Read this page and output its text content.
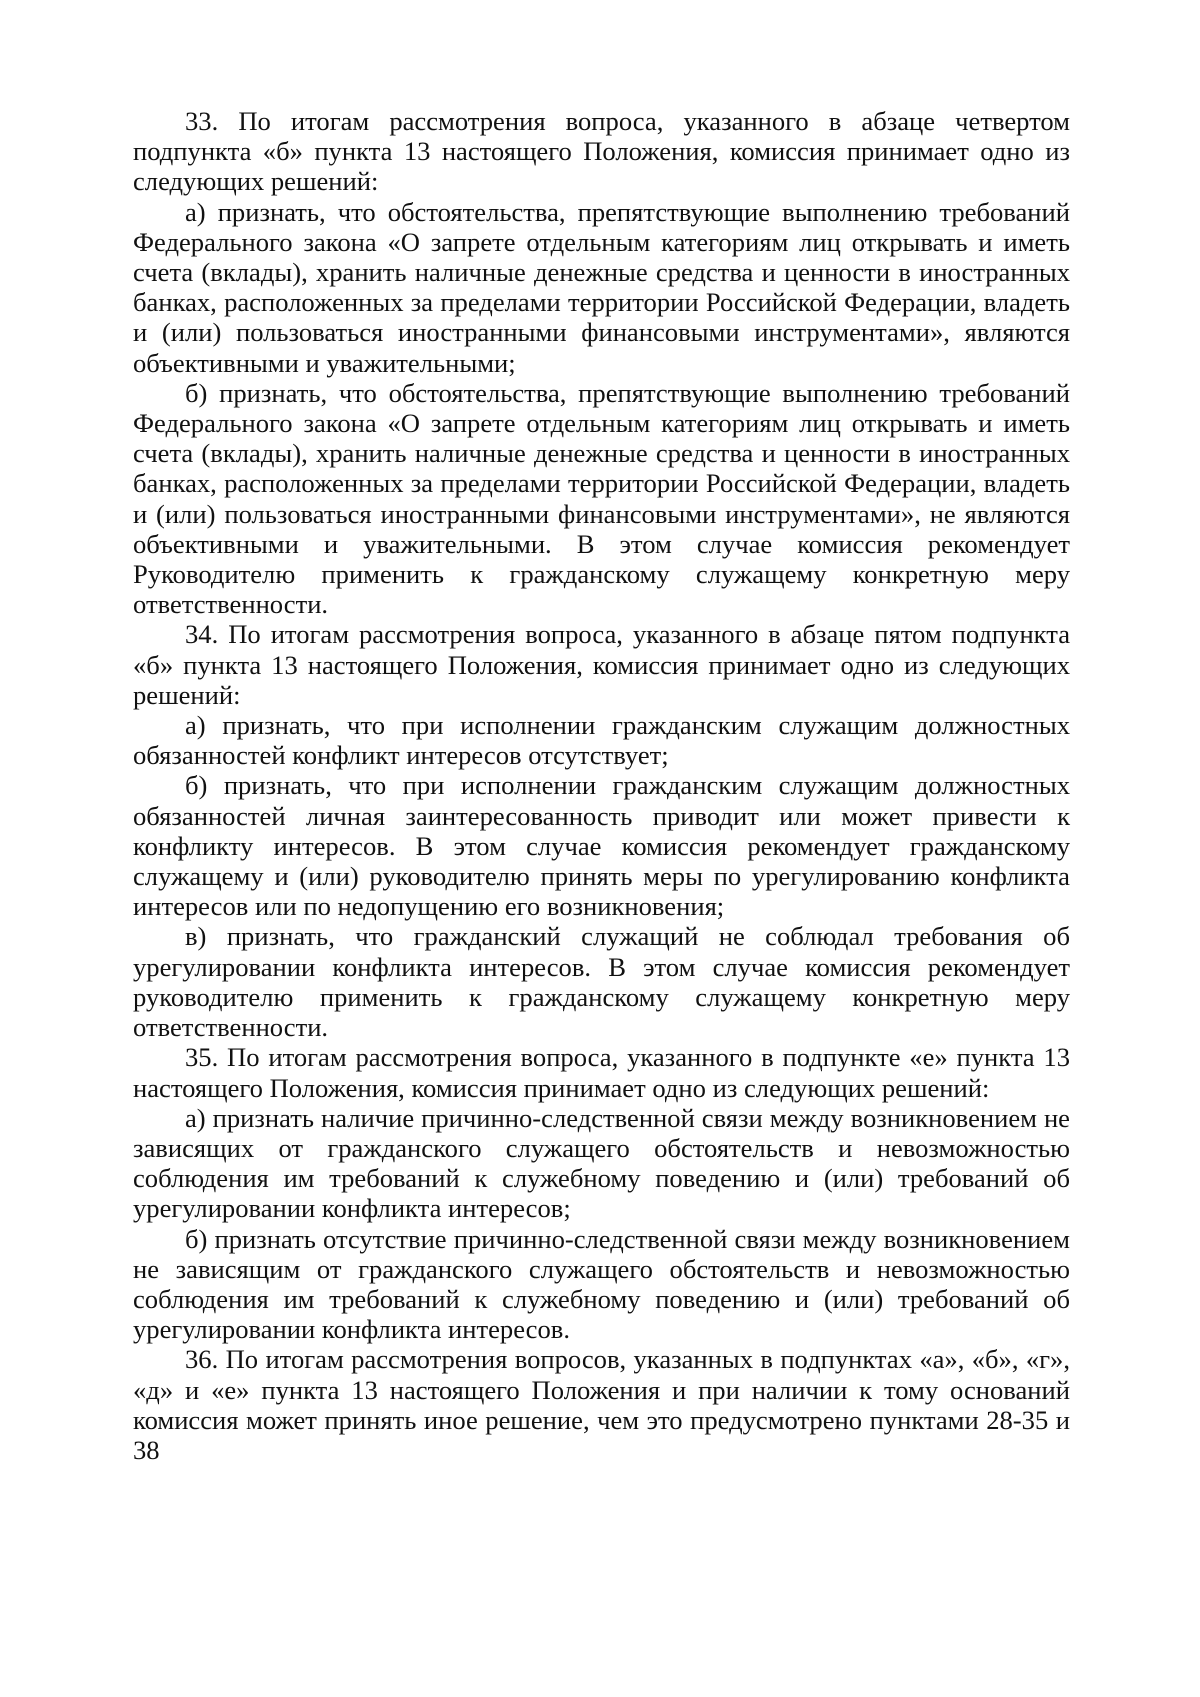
33. По итогам рассмотрения вопроса, указанного в абзаце четвертом подпункта «б» пункта 13 настоящего Положения, комиссия принимает одно из следующих решений:

а) признать, что обстоятельства, препятствующие выполнению требований Федерального закона «О запрете отдельным категориям лиц открывать и иметь счета (вклады), хранить наличные денежные средства и ценности в иностранных банках, расположенных за пределами территории Российской Федерации, владеть и (или) пользоваться иностранными финансовыми инструментами», являются объективными и уважительными;

б) признать, что обстоятельства, препятствующие выполнению требований Федерального закона «О запрете отдельным категориям лиц открывать и иметь счета (вклады), хранить наличные денежные средства и ценности в иностранных банках, расположенных за пределами территории Российской Федерации, владеть и (или) пользоваться иностранными финансовыми инструментами», не являются объективными и уважительными. В этом случае комиссия рекомендует Руководителю применить к гражданскому служащему конкретную меру ответственности.

34. По итогам рассмотрения вопроса, указанного в абзаце пятом подпункта «б» пункта 13 настоящего Положения, комиссия принимает одно из следующих решений:

а) признать, что при исполнении гражданским служащим должностных обязанностей конфликт интересов отсутствует;

б) признать, что при исполнении гражданским служащим должностных обязанностей личная заинтересованность приводит или может привести к конфликту интересов. В этом случае комиссия рекомендует гражданскому служащему и (или) руководителю принять меры по урегулированию конфликта интересов или по недопущению его возникновения;

в) признать, что гражданский служащий не соблюдал требования об урегулировании конфликта интересов. В этом случае комиссия рекомендует руководителю применить к гражданскому служащему конкретную меру ответственности.

35. По итогам рассмотрения вопроса, указанного в подпункте «е» пункта 13 настоящего Положения, комиссия принимает одно из следующих решений:

а) признать наличие причинно-следственной связи между возникновением не зависящих от гражданского служащего обстоятельств и невозможностью соблюдения им требований к служебному поведению и (или) требований об урегулировании конфликта интересов;

б) признать отсутствие причинно-следственной связи между возникновением не зависящим от гражданского служащего обстоятельств и невозможностью соблюдения им требований к служебному поведению и (или) требований об урегулировании конфликта интересов.

36. По итогам рассмотрения вопросов, указанных в подпунктах «а», «б», «г», «д» и «е» пункта 13 настоящего Положения и при наличии к тому оснований комиссия может принять иное решение, чем это предусмотрено пунктами 28-35 и 38
